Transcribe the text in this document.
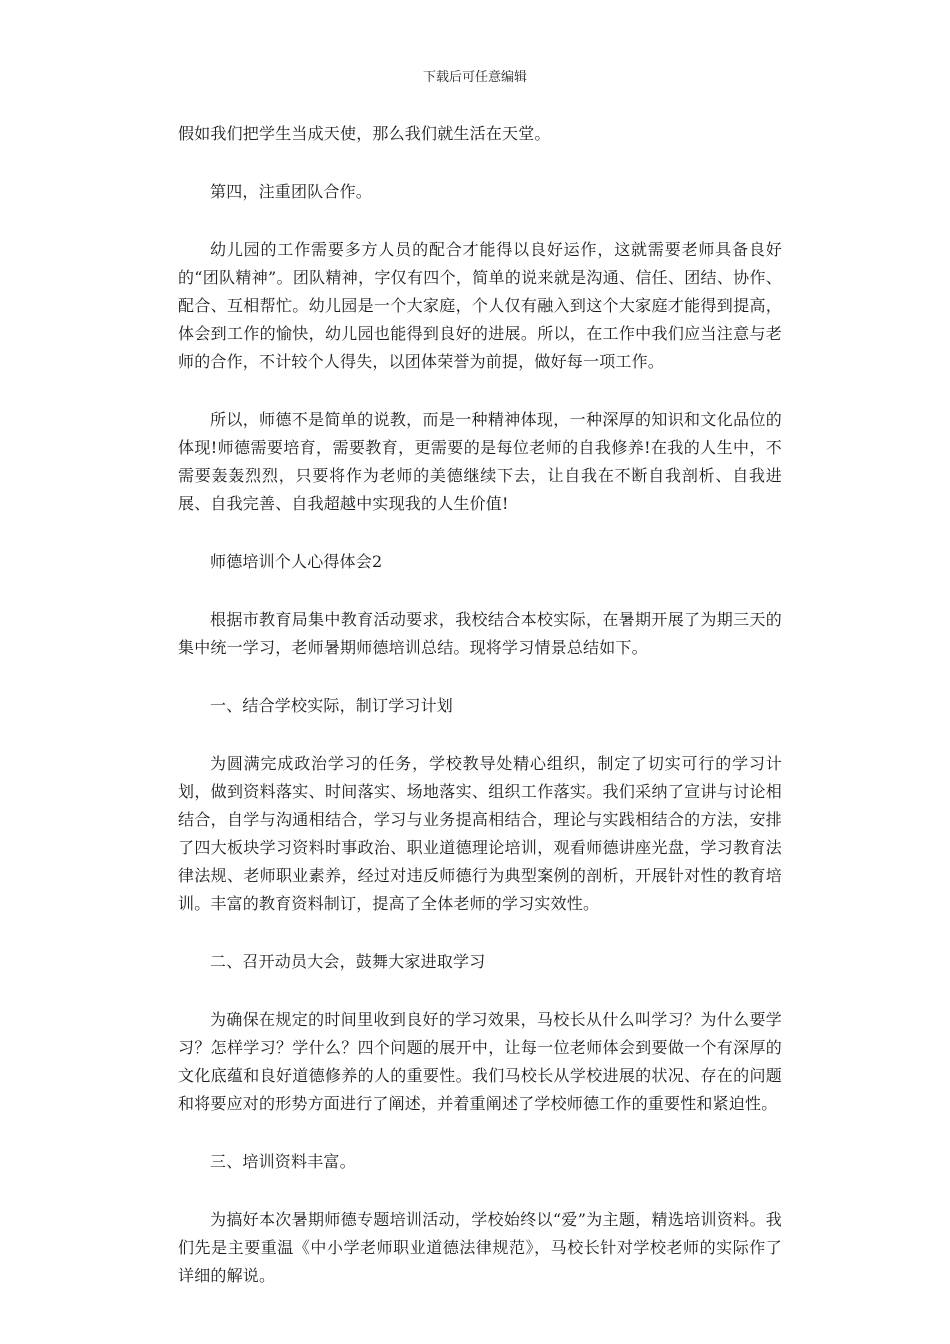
下载后可任意编辑

假如我们把学生当成天使，那么我们就生活在天堂。

第四，注重团队合作。

幼儿园的工作需要多方人员的配合才能得以良好运作，这就需要老师具备良好的“团队精神”。团队精神，字仅有四个，简单的说来就是沟通、信任、团结、协作、配合、互相帮忙。幼儿园是一个大家庭，个人仅有融入到这个大家庭才能得到提高，体会到工作的愉快，幼儿园也能得到良好的进展。所以，在工作中我们应当注意与老师的合作，不计较个人得失，以团体荣誉为前提，做好每一项工作。

所以，师德不是简单的说教，而是一种精神体现，一种深厚的知识和文化品位的体现!师德需要培育，需要教育，更需要的是每位老师的自我修养!在我的人生中，不需要轰轰烈烈，只要将作为老师的美德继续下去，让自我在不断自我剖析、自我进展、自我完善、自我超越中实现我的人生价值!

师德培训个人心得体会2

根据市教育局集中教育活动要求，我校结合本校实际，在暑期开展了为期三天的集中统一学习，老师暑期师德培训总结。现将学习情景总结如下。

一、结合学校实际，制订学习计划

为圆满完成政治学习的任务，学校教导处精心组织，制定了切实可行的学习计划，做到资料落实、时间落实、场地落实、组织工作落实。我们采纳了宣讲与讨论相结合，自学与沟通相结合，学习与业务提高相结合，理论与实践相结合的方法，安排了四大板块学习资料时事政治、职业道德理论培训，观看师德讲座光盘，学习教育法律法规、老师职业素养，经过对违反师德行为典型案例的剖析，开展针对性的教育培训。丰富的教育资料制订，提高了全体老师的学习实效性。

二、召开动员大会，鼓舞大家进取学习

为确保在规定的时间里收到良好的学习效果，马校长从什么叫学习？为什么要学习？怎样学习？学什么？四个问题的展开中，让每一位老师体会到要做一个有深厚的文化底蕴和良好道德修养的人的重要性。我们马校长从学校进展的状况、存在的问题和将要应对的形势方面进行了阐述，并着重阐述了学校师德工作的重要性和紧迫性。

三、培训资料丰富。

为搞好本次暑期师德专题培训活动，学校始终以“爱”为主题，精选培训资料。我们先是主要重温《中小学老师职业道德法律规范》，马校长针对学校老师的实际作了详细的解说。
